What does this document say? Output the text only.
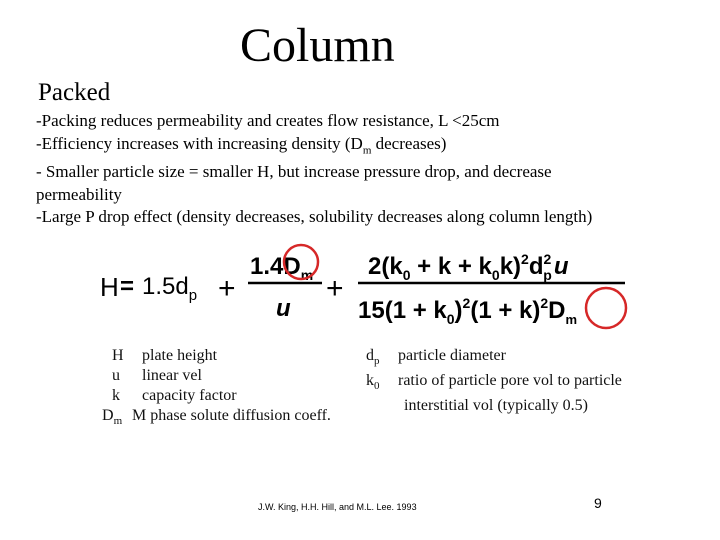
Column
Packed
-Packing reduces permeability and creates flow resistance, L <25cm
-Efficiency increases with increasing density ($D_m$ decreases)
- Smaller particle size = smaller H, but increase pressure drop, and decrease
permeability
-Large P drop effect (density decreases, solubility decreases along column length)
$H = 1.5d_p$ +
$1.4D_m$
u
+
$2(k_0 + k + k_0k)^2d^2$ pu
$15(1 + k_0)^2(1 + k)^2D_m$
H plate height
u linear vel
k capacity factor
$D_m$ M phase solute diffusion coeff.
$d_p$ particle diameter
$k_0$ ratio of particle pore vol to particle
interstitial vol (typically 0.5)
J.W. King, H.H. Hill, and M.L. Lee. 1993	9
